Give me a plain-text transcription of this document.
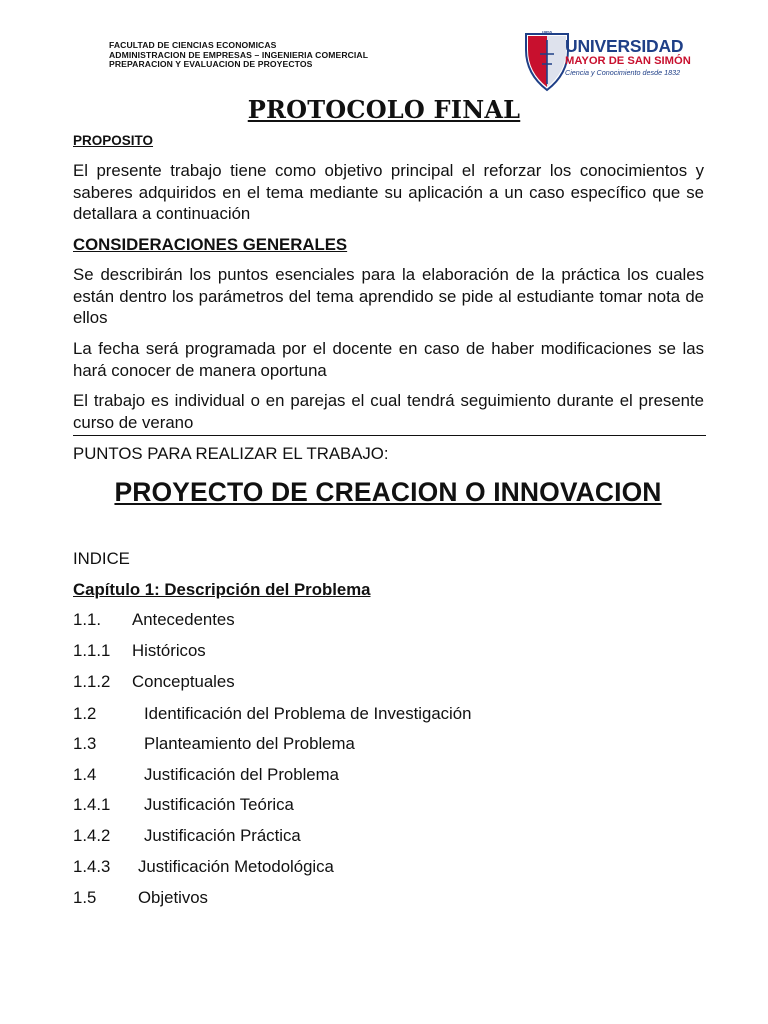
FACULTAD DE CIENCIAS ECONOMICAS
ADMINISTRACION DE EMPRESAS – INGENIERIA COMERCIAL
PREPARACION Y EVALUACION DE PROYECTOS
UMSS
UNIVERSIDAD
MAYOR DE SAN SIMÓN
Ciencia y Conocimiento desde 1832
PROTOCOLO FINAL
PROPOSITO
El presente trabajo tiene como objetivo principal el reforzar los conocimientos y saberes adquiridos en el tema mediante su aplicación a un caso específico que se detallara a continuación
CONSIDERACIONES GENERALES
Se describirán los puntos esenciales para la elaboración de la práctica los cuales están dentro los parámetros del tema aprendido se pide al estudiante tomar nota de ellos
La fecha será programada por el docente en caso de haber modificaciones se las hará conocer de manera oportuna
El trabajo es individual o en parejas el cual tendrá seguimiento durante el presente curso de verano
PUNTOS PARA REALIZAR EL TRABAJO:
PROYECTO DE CREACION O INNOVACION
INDICE
Capítulo 1: Descripción del Problema
1.1. Antecedentes
1.1.1 Históricos
1.1.2 Conceptuales
1.2	Identificación del Problema de Investigación
1.3	Planteamiento del Problema
1.4	Justificación del Problema
1.4.1 Justificación Teórica
1.4.2 Justificación Práctica
1.4.3 Justificación Metodológica
1.5 Objetivos
